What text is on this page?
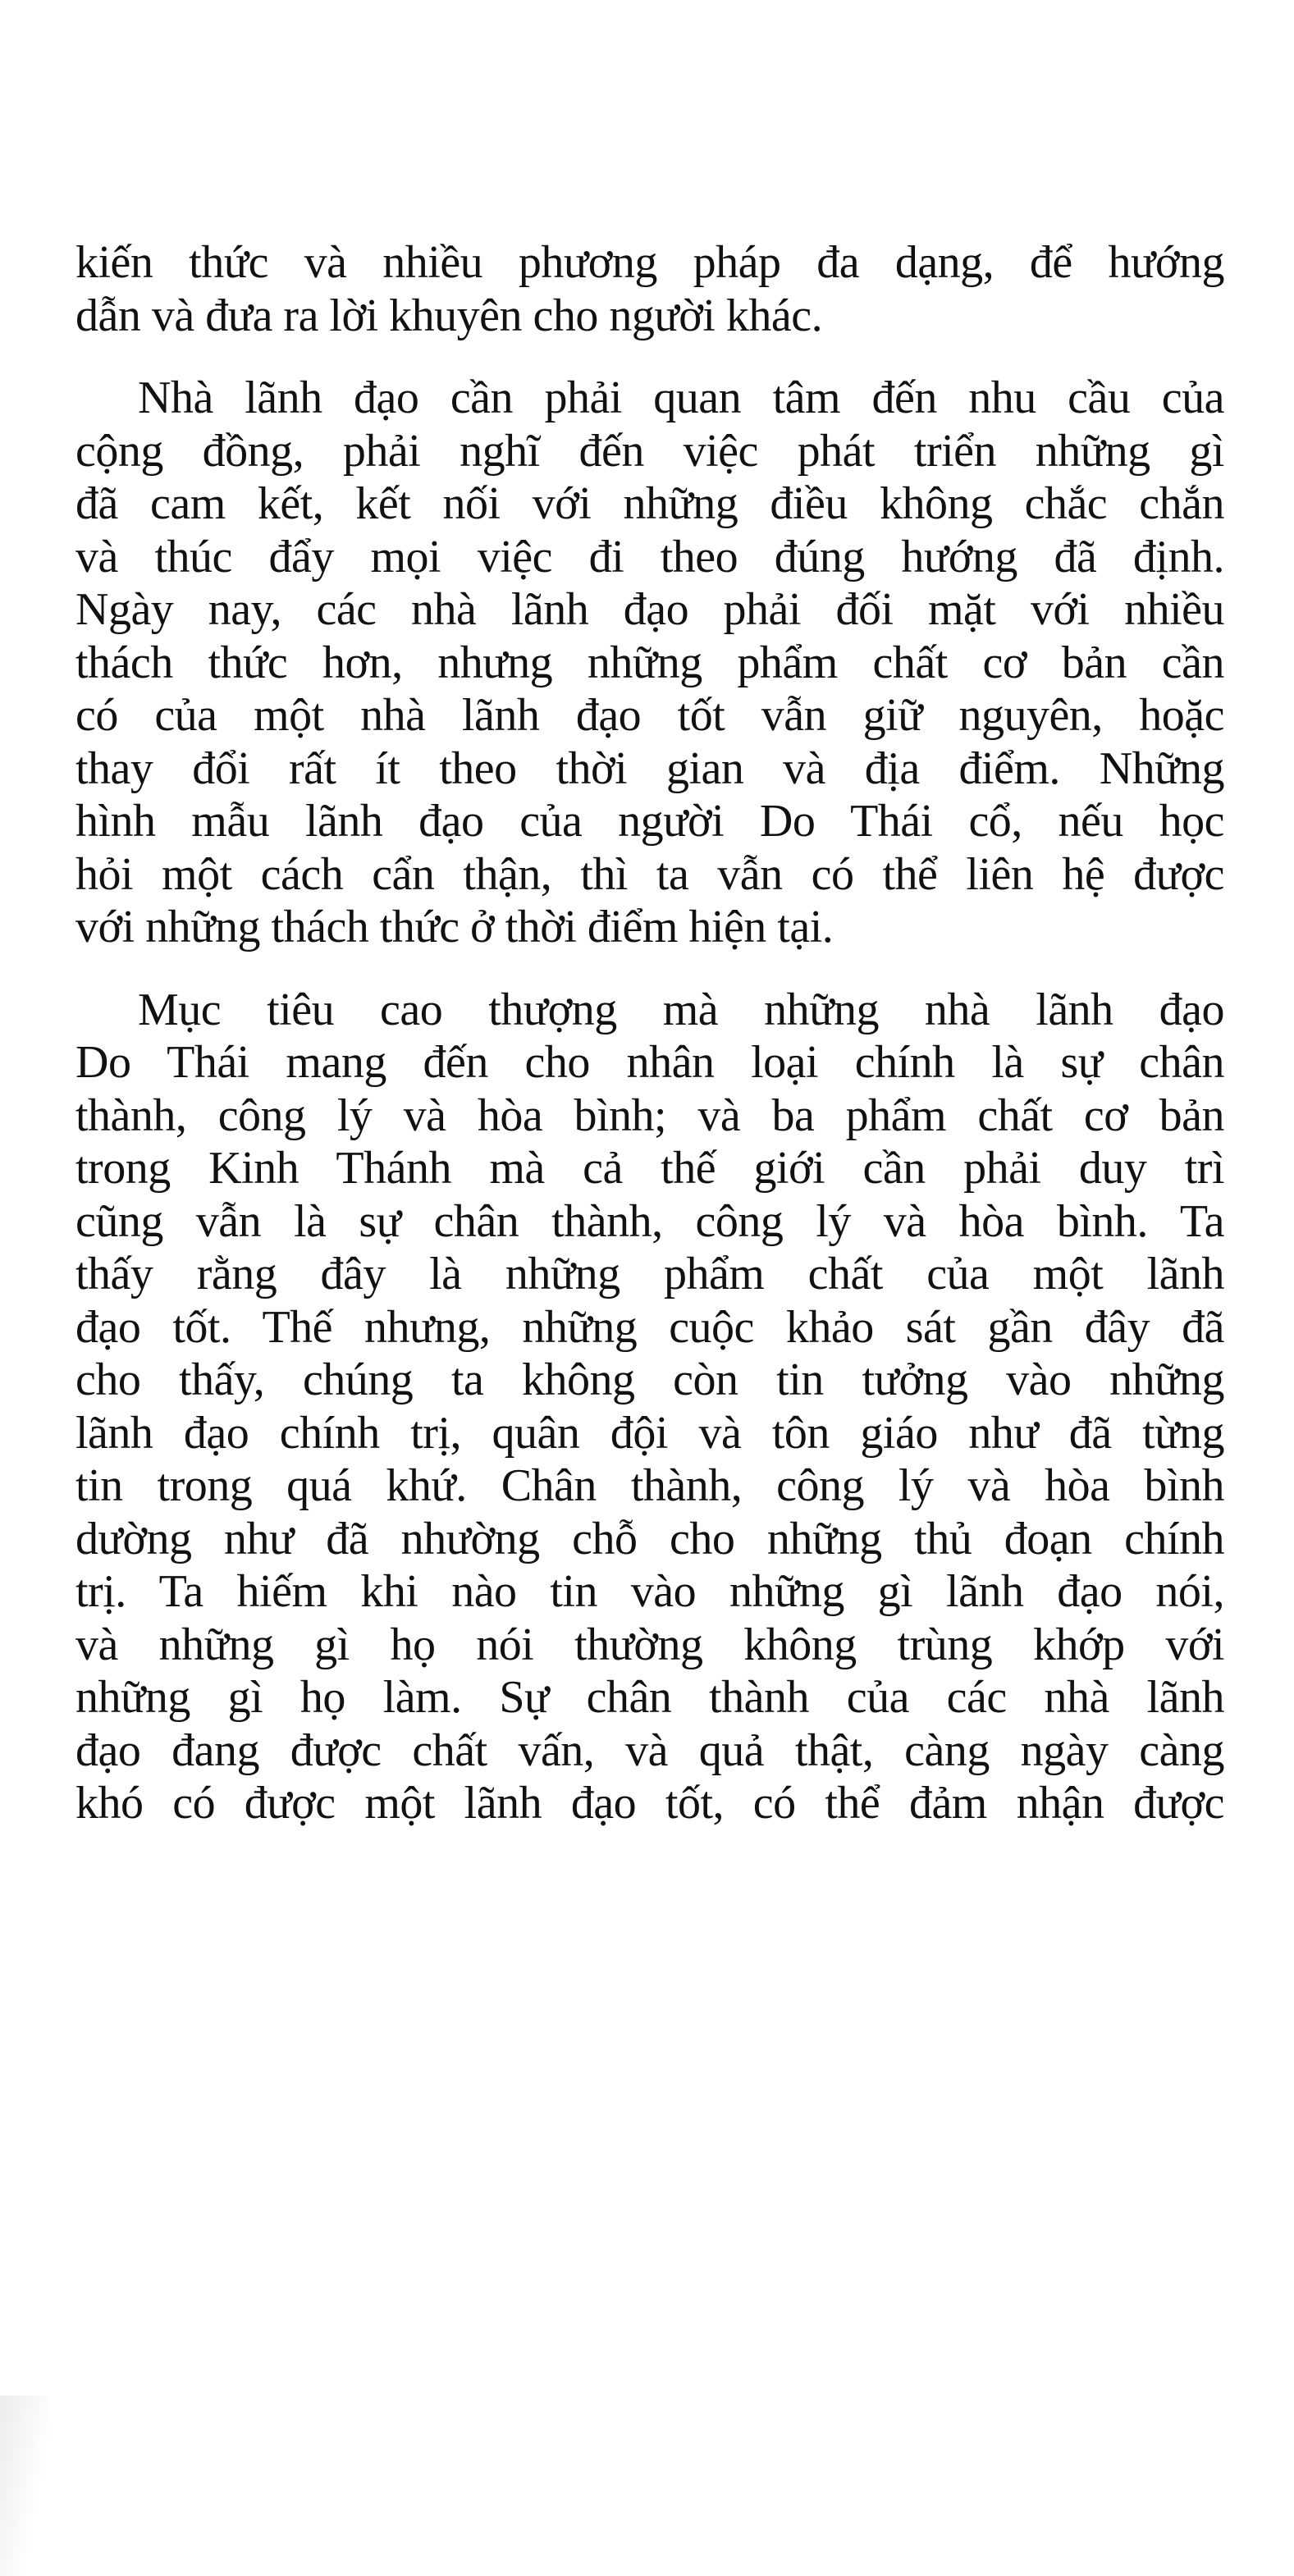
kiến thức và nhiều phương pháp đa dạng, để hướng
dẫn và đưa ra lời khuyên cho người khác.
Nhà lãnh đạo cần phải quan tâm đến nhu cầu của
cộng đồng, phải nghĩ đến việc phát triển những gì
đã cam kết, kết nối với những điều không chắc chắn
và thúc đẩy mọi việc đi theo đúng hướng đã định.
Ngày nay, các nhà lãnh đạo phải đối mặt với nhiều
thách thức hơn, nhưng những phẩm chất cơ bản cần
có của một nhà lãnh đạo tốt vẫn giữ nguyên, hoặc
thay đổi rất ít theo thời gian và địa điểm. Những
hình mẫu lãnh đạo của người Do Thái cổ, nếu học
hỏi một cách cẩn thận, thì ta vẫn có thể liên hệ được
với những thách thức ở thời điểm hiện tại.
Mục tiêu cao thượng mà những nhà lãnh đạo
Do Thái mang đến cho nhân loại chính là sự chân
thành, công lý và hòa bình; và ba phẩm chất cơ bản
trong Kinh Thánh mà cả thế giới cần phải duy trì
cũng vẫn là sự chân thành, công lý và hòa bình. Ta
thấy rằng đây là những phẩm chất của một lãnh
đạo tốt. Thế nhưng, những cuộc khảo sát gần đây đã
cho thấy, chúng ta không còn tin tưởng vào những
lãnh đạo chính trị, quân đội và tôn giáo như đã từng
tin trong quá khứ. Chân thành, công lý và hòa bình
dường như đã nhường chỗ cho những thủ đoạn chính
trị. Ta hiếm khi nào tin vào những gì lãnh đạo nói,
và những gì họ nói thường không trùng khớp với
những gì họ làm. Sự chân thành của các nhà lãnh
đạo đang được chất vấn, và quả thật, càng ngày càng
khó có được một lãnh đạo tốt, có thể đảm nhận được
